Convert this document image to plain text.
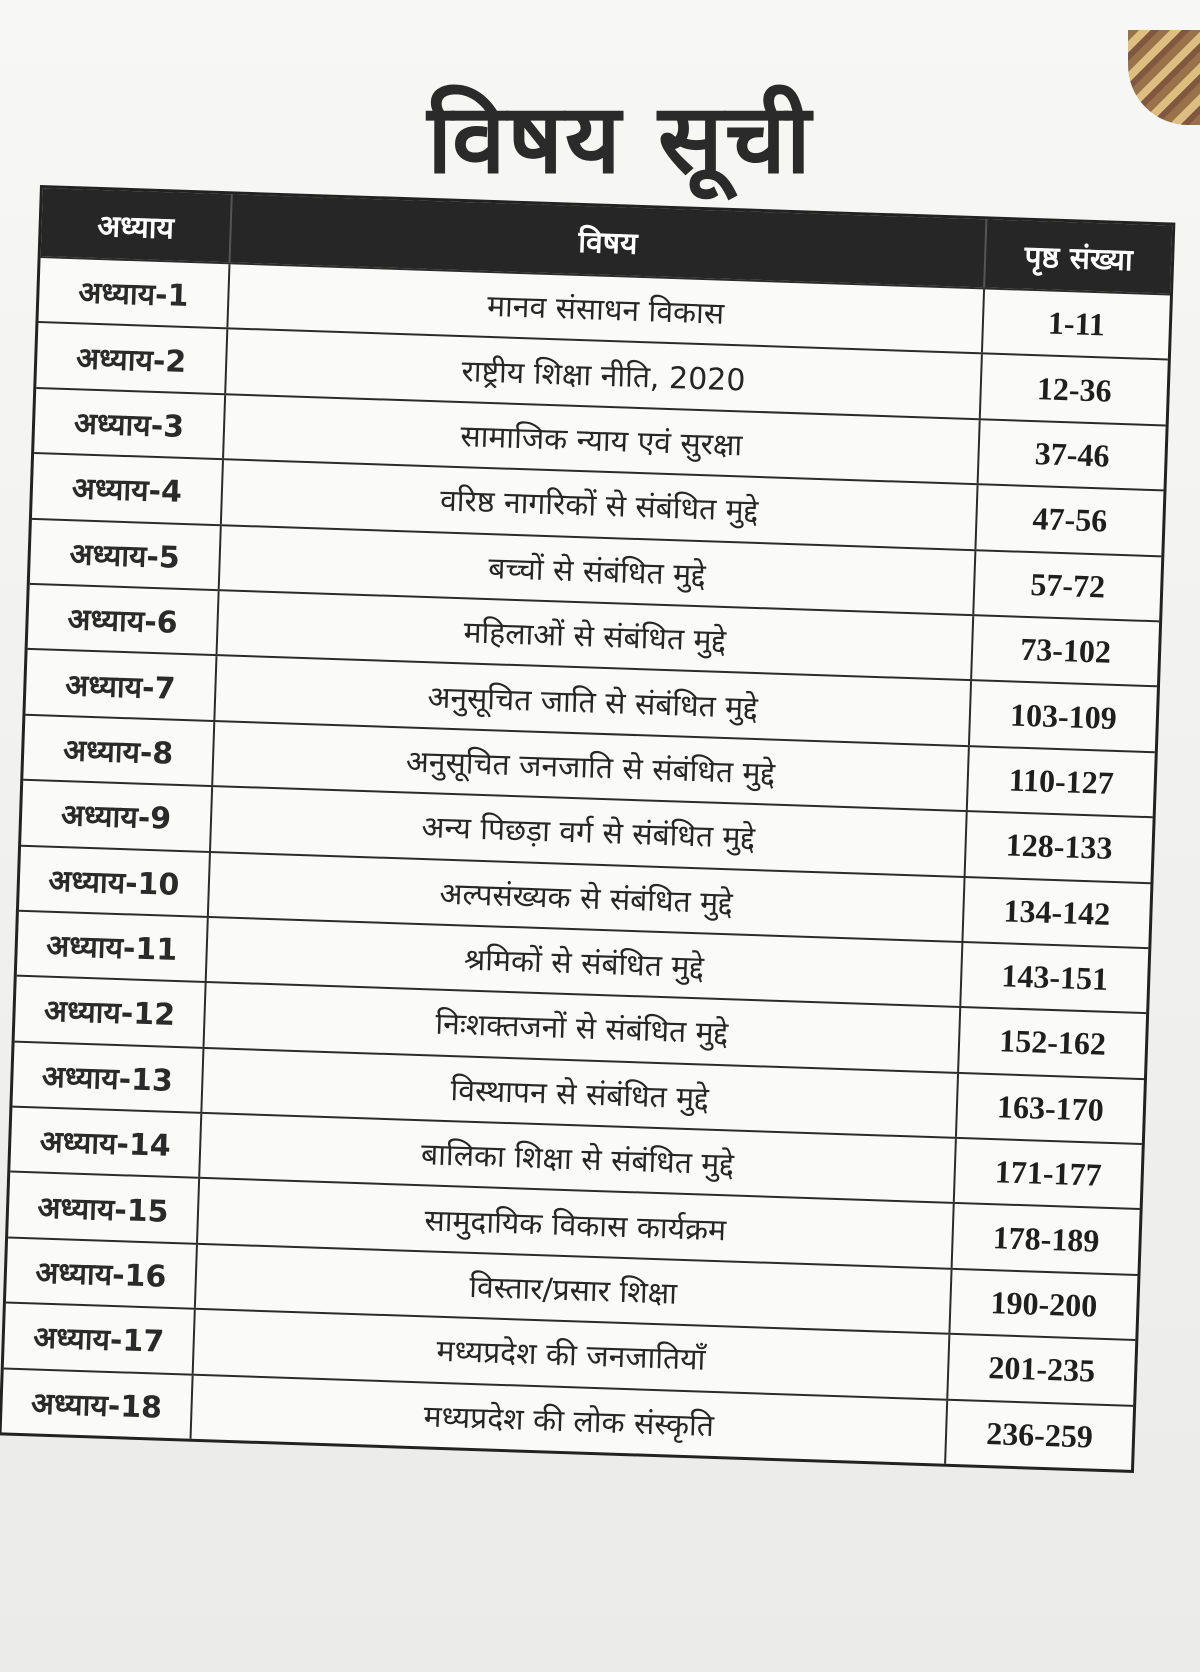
विषय सूची
अध्याय	विषय	पृष्ठ संख्या
अध्याय-1	मानव संसाधन विकास	1-11
अध्याय-2	राष्ट्रीय शिक्षा नीति, 2020	12-36
अध्याय-3	सामाजिक न्याय एवं सुरक्षा	37-46
अध्याय-4	वरिष्ठ नागरिकों से संबंधित मुद्दे	47-56
अध्याय-5	बच्चों से संबंधित मुद्दे	57-72
अध्याय-6	महिलाओं से संबंधित मुद्दे	73-102
अध्याय-7	अनुसूचित जाति से संबंधित मुद्दे	103-109
अध्याय-8	अनुसूचित जनजाति से संबंधित मुद्दे	110-127
अध्याय-9	अन्य पिछड़ा वर्ग से संबंधित मुद्दे	128-133
अध्याय-10	अल्पसंख्यक से संबंधित मुद्दे	134-142
अध्याय-11	श्रमिकों से संबंधित मुद्दे	143-151
अध्याय-12	निःशक्तजनों से संबंधित मुद्दे	152-162
अध्याय-13	विस्थापन से संबंधित मुद्दे	163-170
अध्याय-14	बालिका शिक्षा से संबंधित मुद्दे	171-177
अध्याय-15	सामुदायिक विकास कार्यक्रम	178-189
अध्याय-16	विस्तार/प्रसार शिक्षा	190-200
अध्याय-17	मध्यप्रदेश की जनजातियाँ	201-235
अध्याय-18	मध्यप्रदेश की लोक संस्कृति	236-259
